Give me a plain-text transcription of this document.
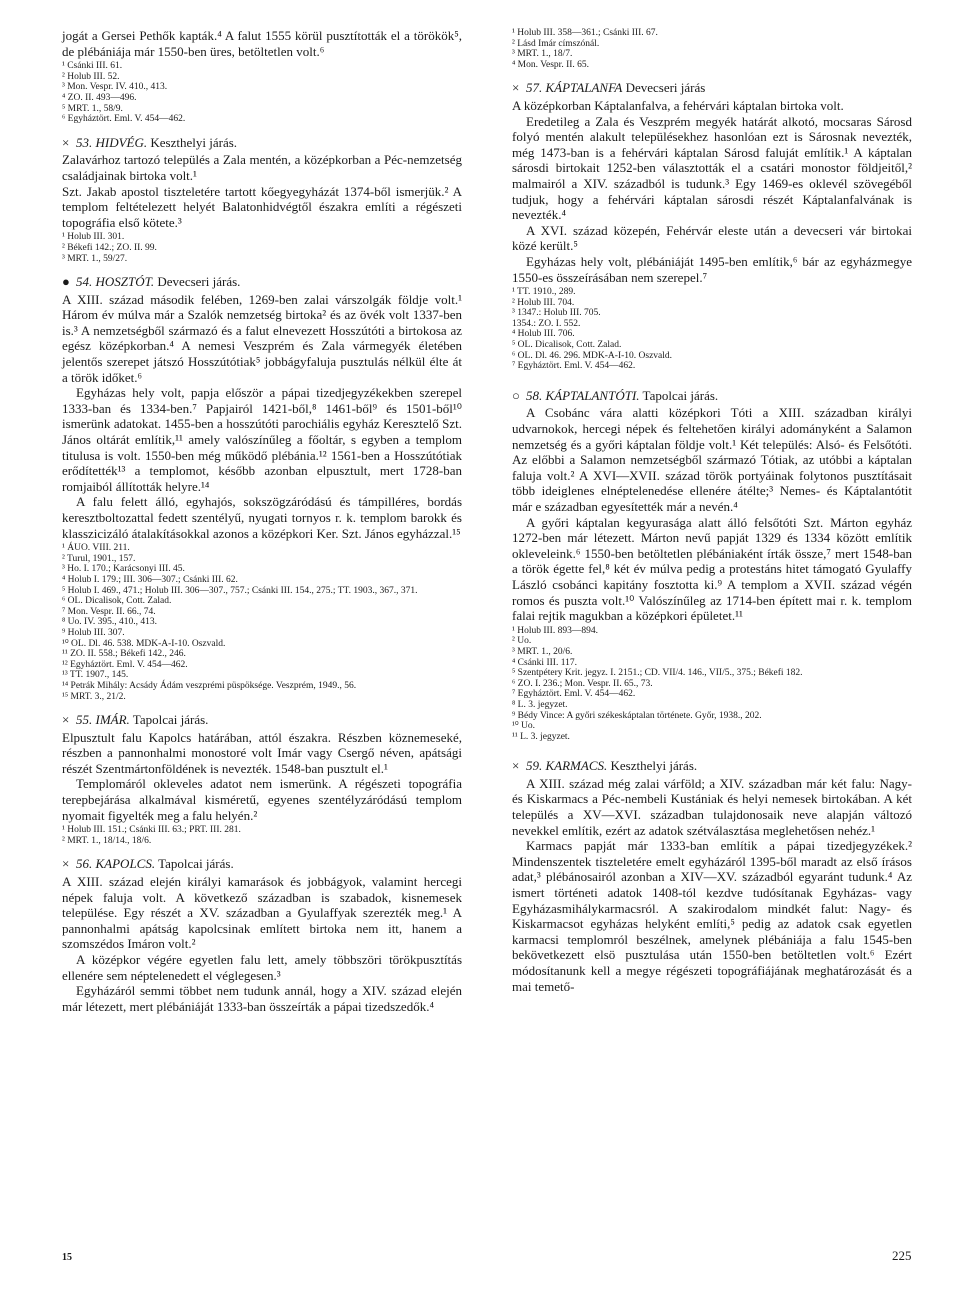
jogát a Gersei Pethők kapták.⁴ A falut 1555 körül pusztították el a törökök⁵, de plébániája már 1550-ben üres, betöltetlen volt.⁶

¹ Csánki III. 61.

² Holub III. 52.

³ Mon. Vespr. IV. 410., 413.

⁴ ZO. II. 493—496.

⁵ MRT. 1., 58/9.

⁶ Egyháztört. Eml. V. 454—462.

× 53. HIDVÉG. Keszthelyi járás.

Zalavárhoz tartozó település a Zala mentén, a középkorban a Péc-nemzetség családjainak birtoka volt.¹

Szt. Jakab apostol tiszteletére tartott kőegyegyházát 1374-ből ismerjük.² A templom feltételezett helyét Balatonhidvégtől északra említi a régészeti topográfia első kötete.³

¹ Holub III. 301.

² Békefi 142.; ZO. II. 99.

³ MRT. 1., 59/27.

● 54. HOSZTÓT. Devecseri járás.

A XIII. század második felében, 1269-ben zalai várszolgák földje volt.¹ Három év múlva már a Szalók nemzetség birtoka² és az övék volt 1337-ben is.³ A nemzetségből származó és a falut elnevezett Hosszútóti a birtokosa az egész középkorban.⁴ A nemesi Veszprém és Zala vármegyék életében jelentős szerepet játszó Hosszútótiak⁵ jobbágyfaluja pusztulás nélkül élte át a török időket.⁶

Egyházas hely volt, papja először a pápai tizedjegyzékekben szerepel 1333-ban és 1334-ben.⁷ Papjairól 1421-ből,⁸ 1461-ből⁹ és 1501-ből¹⁰ ismerünk adatokat. 1455-ben a hosszútóti parochiális egyház Keresztelő Szt. János oltárát említik,¹¹ amely valószínűleg a főoltár, s egyben a templom titulusa is volt. 1550-ben még működő plébánia.¹² 1561-ben a Hosszútótiak erődítették¹³ a templomot, később azonban elpusztult, mert 1728-ban romjaiból állították helyre.¹⁴

A falu felett álló, egyhajós, sokszögzáródású és támpilléres, bordás keresztboltozattal fedett szentélyű, nyugati tornyos r. k. templom barokk és klasszicizáló átalakításokkal azonos a középkori Ker. Szt. János egyházzal.¹⁵

¹ ÁUO. VIII. 211.

² Turul, 1901., 157.

³ Ho. I. 170.; Karácsonyi III. 45.

⁴ Holub I. 179.; III. 306—307.; Csánki III. 62.

⁵ Holub I. 469., 471.; Holub III. 306—307., 757.; Csánki III. 154., 275.; TT. 1903., 367., 371.

⁶ OL. Dicalisok, Cott. Zalad.

⁷ Mon. Vespr. II. 66., 74.

⁸ Uo. IV. 395., 410., 413.

⁹ Holub III. 307.

¹⁰ OL. Dl. 46. 538. MDK-A-I-10. Oszvald.

¹¹ ZO. II. 558.; Békefi 142., 246.

¹² Egyháztört. Eml. V. 454—462.

¹³ TT. 1907., 145.

¹⁴ Petrák Mihály: Acsády Ádám veszprémi püspöksége. Veszprém, 1949., 56.

¹⁵ MRT. 3., 21/2.

× 55. IMÁR. Tapolcai járás.

Elpusztult falu Kapolcs határában, attól északra. Részben köznemeseké, részben a pannonhalmi monostoré volt Imár vagy Csergő néven, apátsági részét Szentmártonföldének is nevezték. 1548-ban pusztult el.¹

Templomáról okleveles adatot nem ismerünk. A régészeti topográfia terepbejárása alkalmával kisméretű, egyenes szentélyzáródású templom nyomait figyelték meg a falu helyén.²

¹ Holub III. 151.; Csánki III. 63.; PRT. III. 281.

² MRT. 1., 18/14., 18/6.

× 56. KAPOLCS. Tapolcai járás.

A XIII. század elején királyi kamarások és jobbágyok, valamint hercegi népek faluja volt. A következő században is szabadok, kisnemesek települése. Egy részét a XV. században a Gyulaffyak szerezték meg.¹ A pannonhalmi apátság kapolcsinak említett birtoka nem itt, hanem a szomszédos Imáron volt.²

A középkor végére egyetlen falu lett, amely többszöri törökpusztítás ellenére sem néptelenedett el véglegesen.³

Egyházáról semmi többet nem tudunk annál, hogy a XIV. század elején már létezett, mert plébániáját 1333-ban összeírták a pápai tizedszedők.⁴

¹ Holub III. 358—361.; Csánki III. 67.

² Lásd Imár címszónál.

³ MRT. 1., 18/7.

⁴ Mon. Vespr. II. 65.

× 57. KÁPTALANFA Devecseri járás

A középkorban Káptalanfalva, a fehérvári káptalan birtoka volt.

Eredetileg a Zala és Veszprém megyék határát alkotó, mocsaras Sárosd folyó mentén alakult településekhez hasonlóan ezt is Sárosnak nevezték, még 1473-ban is a fehérvári káptalan Sárosd faluját említik.¹ A káptalan sárosdi birtokait 1252-ben választották el a csatári monostor földjeitől,² malmairól a XIV. századból is tudunk.³ Egy 1469-es oklevél szövegéből tudjuk, hogy a fehérvári káptalan sárosdi részét Káptalanfalvának is nevezték.⁴

A XVI. század közepén, Fehérvár eleste után a devecseri vár birtokai közé került.⁵

Egyházas hely volt, plébániáját 1495-ben említik,⁶ bár az egyházmegye 1550-es összeírásában nem szerepel.⁷

¹ TT. 1910., 289.

² Holub III. 704.

³ 1347.: Holub III. 705.

1354.: ZO. I. 552.

⁴ Holub III. 706.

⁵ OL. Dicalisok, Cott. Zalad.

⁶ OL. Dl. 46. 296. MDK-A-I-10. Oszvald.

⁷ Egyháztört. Eml. V. 454—462.

○ 58. KÁPTALANTÓTI. Tapolcai járás.

A Csobánc vára alatti középkori Tóti a XIII. században királyi udvarnokok, hercegi népek és feltehetően királyi adományként a Salamon nemzetség és a győri káptalan földje volt.¹ Két település: Alsó- és Felsőtóti. Az előbbi a Salamon nemzetségből származó Tótiak, az utóbbi a káptalan faluja volt.² A XVI—XVII. század török portyáinak folytonos pusztításait több ideiglenes elnéptelenedése ellenére átélte;³ Nemes- és Káptalantótit már e században egyesítették már a nevén.⁴

A győri káptalan kegyurasága alatt álló felsőtóti Szt. Márton egyház 1272-ben már létezett. Márton nevű papját 1329 és 1334 között említik okleveleink.⁶ 1550-ben betöltetlen plébániaként írták össze,⁷ mert 1548-ban a török égette fel,⁸ két év múlva pedig a protestáns hitet támogató Gyulaffy László csobánci kapitány fosztotta ki.⁹ A templom a XVII. század végén romos és puszta volt.¹⁰ Valószínűleg az 1714-ben épített mai r. k. templom falai rejtik magukban a középkori épületet.¹¹

¹ Holub III. 893—894.

² Uo.

³ MRT. 1., 20/6.

⁴ Csánki III. 117.

⁵ Szentpétery Krit. jegyz. I. 2151.; CD. VII/4. 146., VII/5., 375.; Békefi 182.

⁶ ZO. I. 236.; Mon. Vespr. II. 65., 73.

⁷ Egyháztört. Eml. V. 454—462.

⁸ L. 3. jegyzet.

⁹ Bédy Vince: A győri székeskáptalan története. Győr, 1938., 202.

¹⁰ Uo.

¹¹ L. 3. jegyzet.

× 59. KARMACS. Keszthelyi járás.

A XIII. század még zalai várföld; a XIV. században már két falu: Nagy- és Kiskarmacs a Péc-nembeli Kustániak és helyi nemesek birtokában. A két település a XV—XVI. században tulajdonosaik neve alapján változó nevekkel említik, ezért az adatok szétválasztása meglehetősen nehéz.¹

Karmacs papját már 1333-ban említik a pápai tizedjegyzékek.² Mindenszentek tiszteletére emelt egyházáról 1395-ből maradt az első írásos adat,³ plébánosairól azonban a XIV—XV. századból egyaránt tudunk.⁴ Az ismert történeti adatok 1408-tól kezdve tudósítanak Egyházas- vagy Egyházasmihálykarmacsról. A szakirodalom mindkét falut: Nagy- és Kiskarmacsot egyházas helyként említi,⁵ pedig az adatok csak egyetlen karmacsi templomról beszélnek, amelynek plébániája a falu 1545-ben bekövetkezett elsö pusztulása után 1550-ben betöltetlen volt.⁶ Ezért módosítanunk kell a megye régészeti topográfiájának meghatározását és a mai temető-

15	225
